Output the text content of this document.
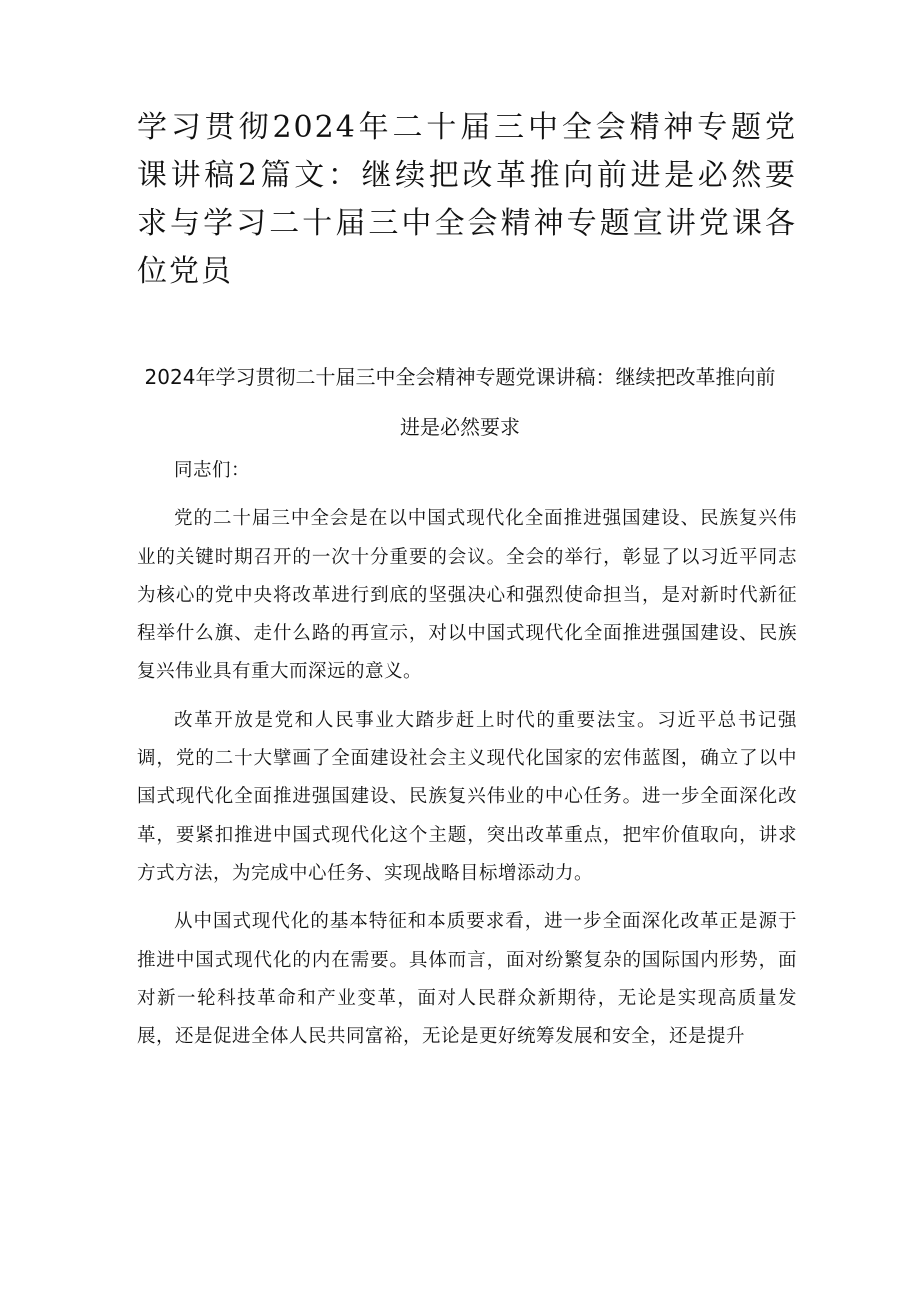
学习贯彻2024年二十届三中全会精神专题党课讲稿2篇文：继续把改革推向前进是必然要求与学习二十届三中全会精神专题宣讲党课各位党员
2024年学习贯彻二十届三中全会精神专题党课讲稿：继续把改革推向前进是必然要求

同志们：

党的二十届三中全会是在以中国式现代化全面推进强国建设、民族复兴伟业的关键时期召开的一次十分重要的会议。全会的举行，彰显了以习近平同志为核心的党中央将改革进行到底的坚强决心和强烈使命担当，是对新时代新征程举什么旗、走什么路的再宣示，对以中国式现代化全面推进强国建设、民族复兴伟业具有重大而深远的意义。

改革开放是党和人民事业大踏步赶上时代的重要法宝。习近平总书记强调，党的二十大擘画了全面建设社会主义现代化国家的宏伟蓝图，确立了以中国式现代化全面推进强国建设、民族复兴伟业的中心任务。进一步全面深化改革，要紧扣推进中国式现代化这个主题，突出改革重点，把牢价值取向，讲求方式方法，为完成中心任务、实现战略目标增添动力。

从中国式现代化的基本特征和本质要求看，进一步全面深化改革正是源于推进中国式现代化的内在需要。具体而言，面对纷繁复杂的国际国内形势，面对新一轮科技革命和产业变革，面对人民群众新期待，无论是实现高质量发展，还是促进全体人民共同富裕，无论是更好统筹发展和安全，还是提升
